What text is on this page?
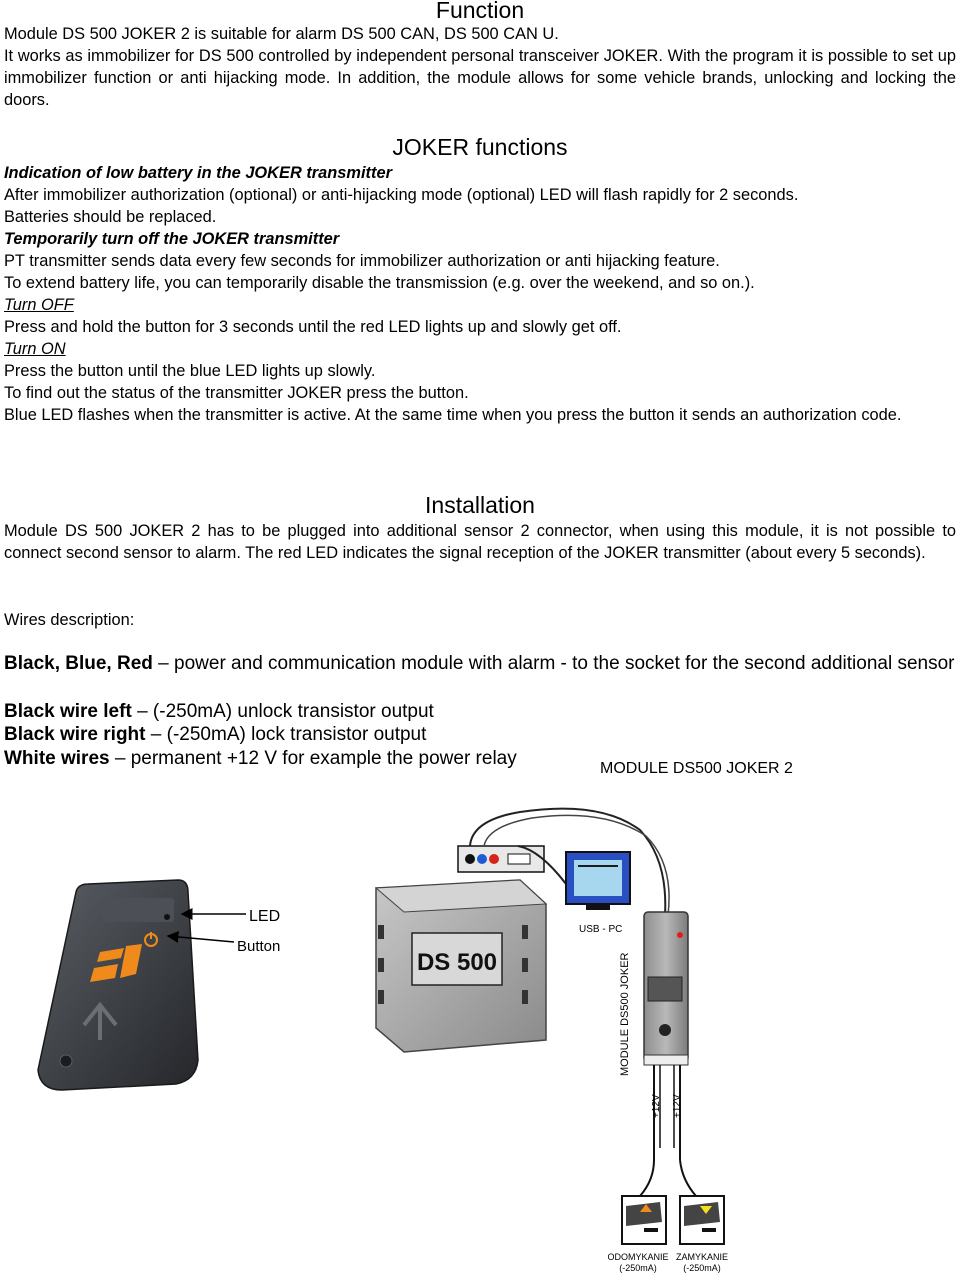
Function
Module DS 500 JOKER 2 is suitable for alarm DS 500 CAN, DS 500 CAN U.
It works as immobilizer for DS 500 controlled by independent personal transceiver JOKER. With the program it is possible to set up immobilizer function or anti hijacking mode. In addition, the module allows for some vehicle brands, unlocking and locking the doors.
JOKER functions
Indication of low battery in the JOKER transmitter
After immobilizer authorization (optional) or anti-hijacking mode (optional) LED will flash rapidly for 2 seconds.
Batteries should be replaced.
Temporarily turn off the JOKER transmitter
PT transmitter sends data every few seconds for immobilizer authorization or anti hijacking feature.
To extend battery life, you can temporarily disable the transmission (e.g. over the weekend, and so on.).
Turn OFF
Press and hold the button for 3 seconds until the red LED lights up and slowly get off.
Turn ON
Press the button until the blue LED lights up slowly.
To find out the status of the transmitter JOKER press the button.
Blue LED flashes when the transmitter is active. At the same time when you press the button it sends an authorization code.
Installation
Module DS 500 JOKER 2 has to be plugged into additional sensor 2 connector, when using this module, it is not possible to connect second sensor to alarm. The red LED indicates the signal reception of the JOKER transmitter (about every 5 seconds).
Wires description:
Black, Blue, Red – power and communication module with alarm - to the socket for the second additional sensor
Black wire left – (-250mA) unlock transistor output
Black wire right – (-250mA) lock transistor output
White wires – permanent +12 V for example the power relay	MODULE DS500 JOKER 2
LED
Button
DS 500
USB - PC
MODULE DS500 JOKER
+12V +12V
ODOMYKANIE
(-250mA)
ZAMYKANIE
(-250mA)
